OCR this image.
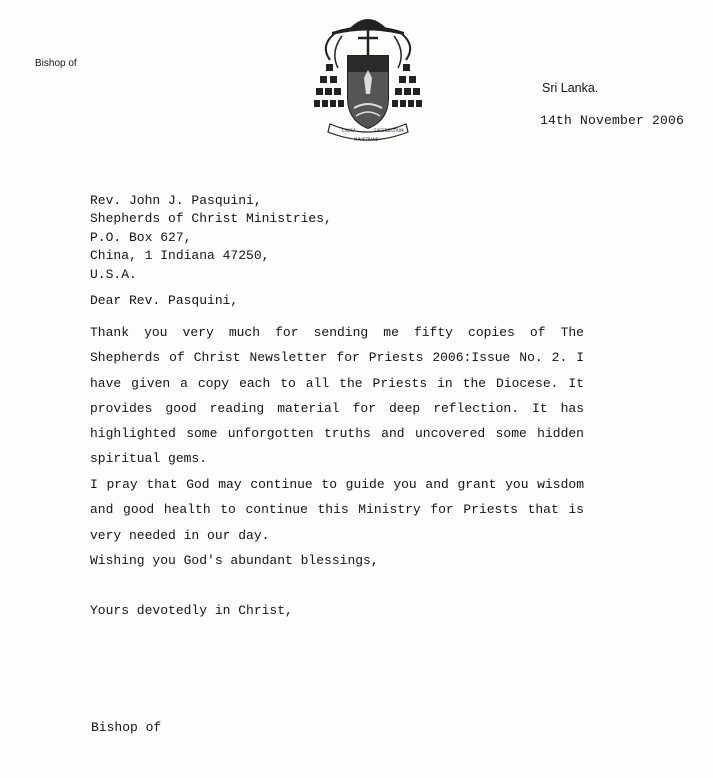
Bishop of
CAUSA	SACERDOTIUM
MINISTRARE
Sri Lanka.
14th November 2006
Rev. John J. Pasquini,
Shepherds of Christ Ministries,
P.O. Box 627,
China, 1 Indiana 47250,
U.S.A.
Dear Rev. Pasquini,
Thank you very much for sending me fifty copies of The Shepherds of Christ Newsletter for Priests 2006:Issue No. 2. I have given a copy each to all the Priests in the Diocese. It provides good reading material for deep reflection. It has highlighted some unforgotten truths and uncovered some hidden spiritual gems.
I pray that God may continue to guide you and grant you wisdom and good health to continue this Ministry for Priests that is very needed in our day.
Wishing you God's abundant blessings,
Yours devotedly in Christ,
Bishop of
